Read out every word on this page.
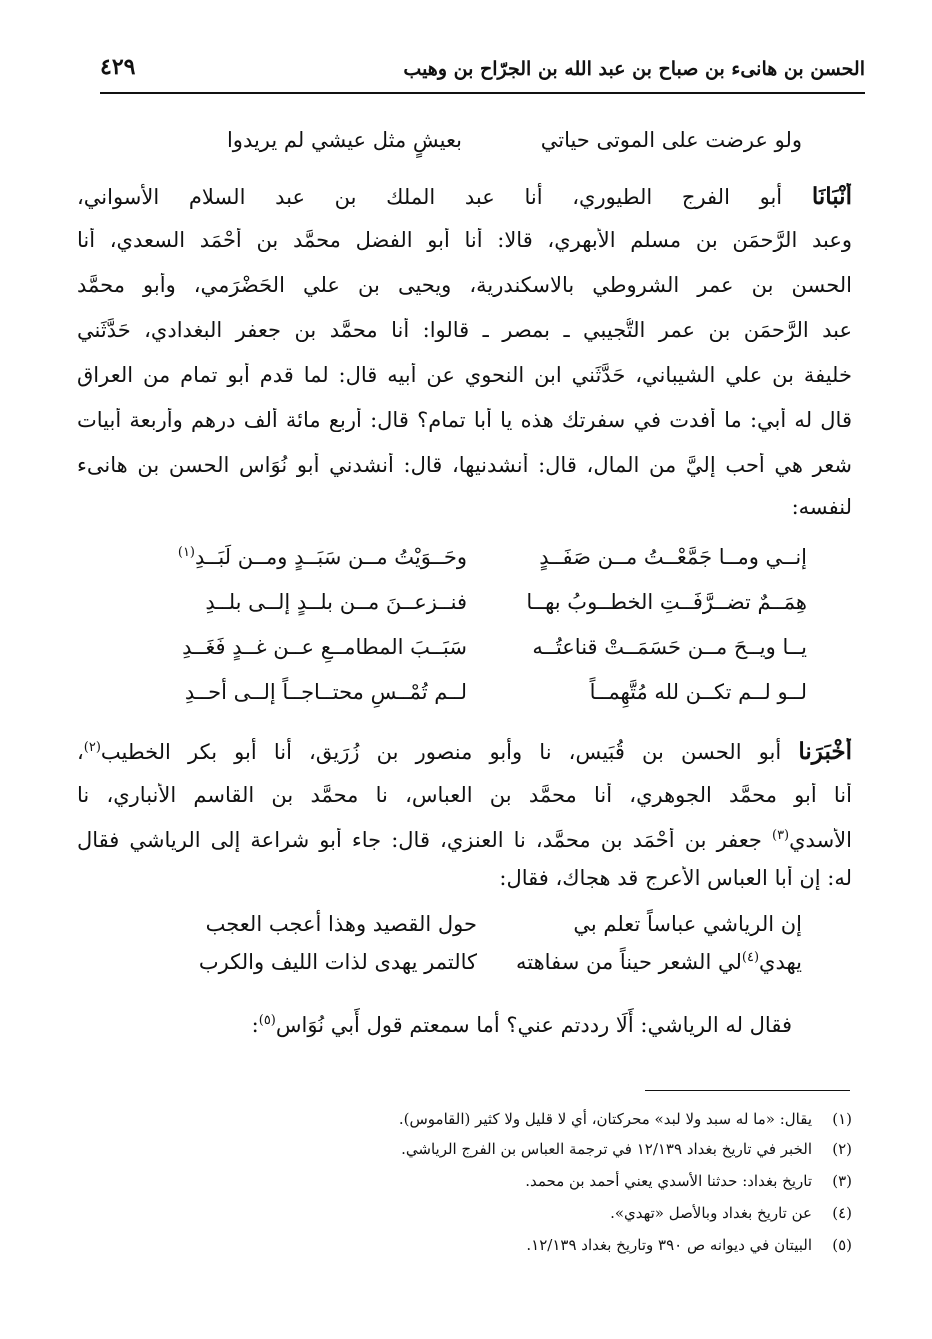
الحسن بن هانىء بن صباح بن عبد الله بن الجرّاح بن وهيب
٤٢٩
ولو عرضت على الموتى حياتي
بعيشٍ مثل عيشي لم يريدوا
أَنْبَانَا أَبو الفرج الطيوري، أنا عبد الملك بن عبد السلام الأسواني،
وعبد الرَّحمَن بن مسلم الأبهري، قالا: أنا أبو الفضل محمَّد بن أَحْمَد السعدي، أنا
الحسن بن عمر الشروطي بالاسكندرية، ويحيى بن علي الحَضْرَمي، وأَبو محمَّد
عبد الرَّحمَن بن عمر التُّجيبي ـ بمصر ـ قالوا: أنا محمَّد بن جعفر البغدادي، حَدَّثَني
خليفة بن علي الشيباني، حَدَّثَني ابن النحوي عن أَبيه قال: لما قدم أَبو تمام من العراق
قال له أَبي: ما أفدت في سفرتك هذه يا أَبا تمام؟ قال: أربع مائة ألف درهم وأربعة أبيات
شعر هي أحب إليَّ من المال، قال: أنشدنيها، قال: أنشدني أَبو نُوَاس الحسن بن هانىء
لنفسه:
إنــي ومــا جَمَّعْــتُ مــن صَفَــدٍ
وحَــوَيْتُ مــن سَبَــدٍ ومــن لَبَــدِ$^{(١)}$
هِمَــمٌ تضــرَّفَــتِ الخطــوبُ بهــا
فنــزعــنَ مــن بلــدٍ إلــى بلــدِ
يــا ويــحَ مــن حَسَمَــتْ قناعتُــه
سَبَــبَ المطامــعِ عــن غــدٍ فَغَــدِ
لــو لــم تكــن لله مُتَّهِمــاً
لــم تُمْــسِ محتــاجــاً إلــى أحــدِ
أَخْبَرَنا أبو الحسن بن قُبَيس، نا وأَبو منصور بن زُرَيق، أنا أَبو بكر الخطيب$^{(٢)}$،
أنا أَبو محمَّد الجوهري، أنا محمَّد بن العباس، نا محمَّد بن القاسم الأنباري، نا
الأسدي$^{(٣)}$ جعفر بن أَحْمَد بن محمَّد، نا العنزي، قال: جاء أبو شراعة إلى الرياشي فقال
له: إن أَبا العباس الأعرج قد هجاك، فقال:
حول القصيد وهذا أعجب العجب	إن الرياشي عباساً تعلم بي
يهدي$^{(٤)}$لي الشعر حيناً من سفاهته
كالتمر يهدى لذات الليف والكرب
فقال له الرياشي: أَلَا رددتم عني؟ أما سمعتم قول أَبي نُوَاس$^{(٥)}$:
(١)يقال: «ما له سبد ولا لبد» محركتان، أي لا قليل ولا كثير (القاموس).
(٢)الخبر في تاريخ بغداد ١٢/١٣٩ في ترجمة العباس بن الفرج الرياشي.
(٣)تاريخ بغداد: حدثنا الأسدي يعني أحمد بن محمد.
(٤)عن تاريخ بغداد وبالأصل «تهدي».
(٥)البيتان في ديوانه ص ٣٩٠ وتاريخ بغداد ١٢/١٣٩.
